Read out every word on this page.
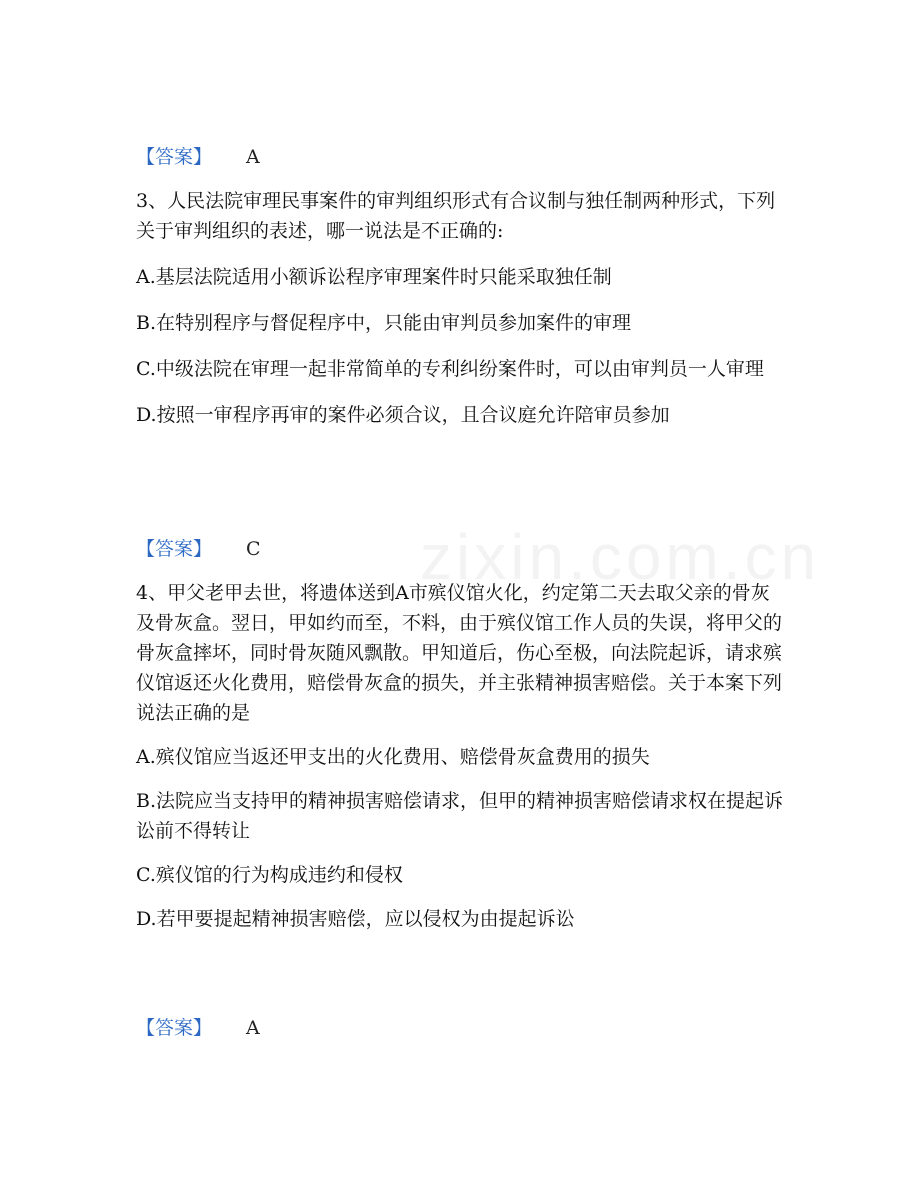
zixin.com.cn
【答案】 A

3、人民法院审理民事案件的审判组织形式有合议制与独任制两种形式，下列关于审判组织的表述，哪一说法是不正确的:

A.基层法院适用小额诉讼程序审理案件时只能采取独任制

B.在特别程序与督促程序中，只能由审判员参加案件的审理

C.中级法院在审理一起非常简单的专利纠纷案件时，可以由审判员一人审理

D.按照一审程序再审的案件必须合议，且合议庭允许陪审员参加

【答案】 C

4、甲父老甲去世，将遗体送到A市殡仪馆火化，约定第二天去取父亲的骨灰及骨灰盒。翌日，甲如约而至，不料，由于殡仪馆工作人员的失误，将甲父的骨灰盒摔坏，同时骨灰随风飘散。甲知道后，伤心至极，向法院起诉，请求殡仪馆返还火化费用，赔偿骨灰盒的损失，并主张精神损害赔偿。关于本案下列说法正确的是

A.殡仪馆应当返还甲支出的火化费用、赔偿骨灰盒费用的损失

B.法院应当支持甲的精神损害赔偿请求，但甲的精神损害赔偿请求权在提起诉讼前不得转让

C.殡仪馆的行为构成违约和侵权

D.若甲要提起精神损害赔偿，应以侵权为由提起诉讼

【答案】 A
